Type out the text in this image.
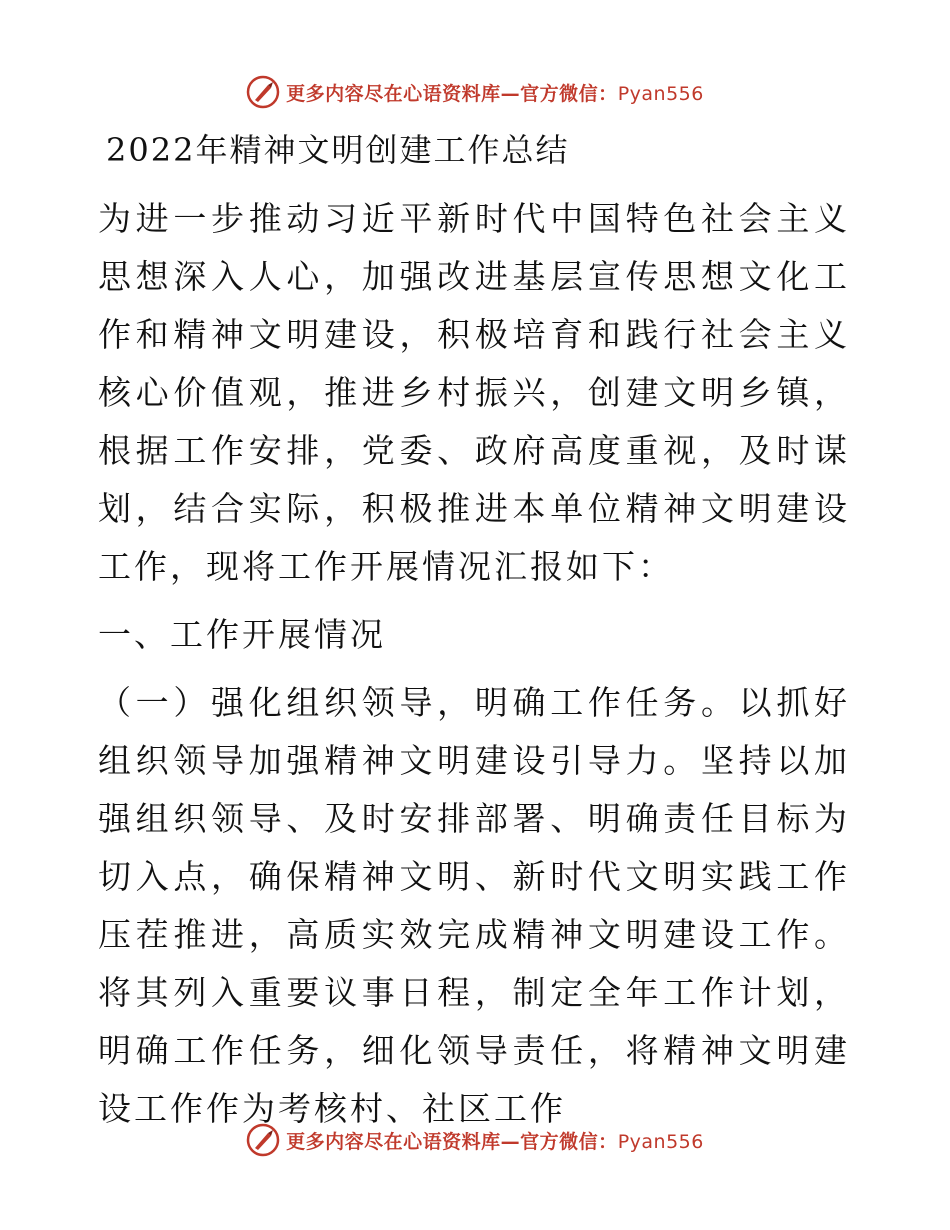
更多内容尽在心语资料库—官方微信：Pyan556
2022年精神文明创建工作总结

为进一步推动习近平新时代中国特色社会主义思想深入人心，加强改进基层宣传思想文化工作和精神文明建设，积极培育和践行社会主义核心价值观，推进乡村振兴，创建文明乡镇，根据工作安排，党委、政府高度重视，及时谋划，结合实际，积极推进本单位精神文明建设工作，现将工作开展情况汇报如下：

一、工作开展情况

（一）强化组织领导，明确工作任务。以抓好组织领导加强精神文明建设引导力。坚持以加强组织领导、及时安排部署、明确责任目标为切入点，确保精神文明、新时代文明实践工作压茬推进，高质实效完成精神文明建设工作。将其列入重要议事日程，制定全年工作计划，明确工作任务，细化领导责任，将精神文明建设工作作为考核村、社区工作

更多内容尽在心语资料库—官方微信：Pyan556
